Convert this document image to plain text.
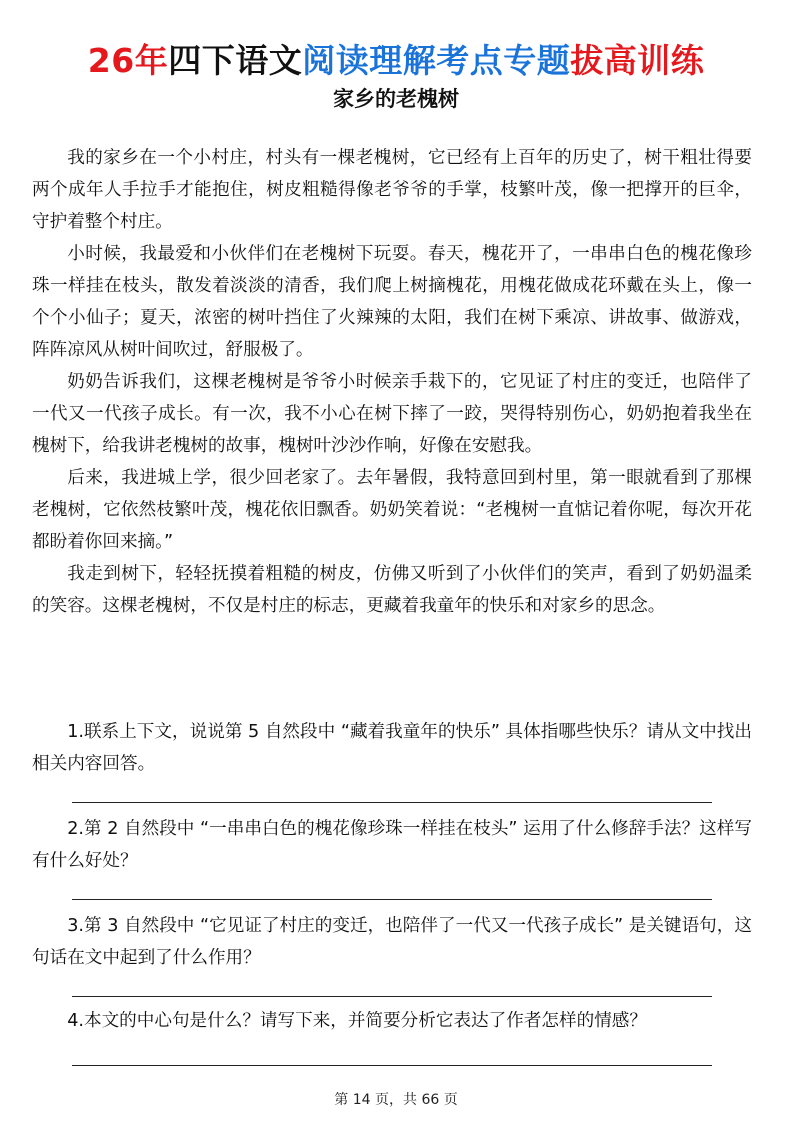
26年四下语文阅读理解考点专题拔高训练
家乡的老槐树

我的家乡在一个小村庄，村头有一棵老槐树，它已经有上百年的历史了，树干粗壮得要两个成年人手拉手才能抱住，树皮粗糙得像老爷爷的手掌，枝繁叶茂，像一把撑开的巨伞，守护着整个村庄。

小时候，我最爱和小伙伴们在老槐树下玩耍。春天，槐花开了，一串串白色的槐花像珍珠一样挂在枝头，散发着淡淡的清香，我们爬上树摘槐花，用槐花做成花环戴在头上，像一个个小仙子；夏天，浓密的树叶挡住了火辣辣的太阳，我们在树下乘凉、讲故事、做游戏，阵阵凉风从树叶间吹过，舒服极了。

奶奶告诉我们，这棵老槐树是爷爷小时候亲手栽下的，它见证了村庄的变迁，也陪伴了一代又一代孩子成长。有一次，我不小心在树下摔了一跤，哭得特别伤心，奶奶抱着我坐在槐树下，给我讲老槐树的故事，槐树叶沙沙作响，好像在安慰我。

后来，我进城上学，很少回老家了。去年暑假，我特意回到村里，第一眼就看到了那棵老槐树，它依然枝繁叶茂，槐花依旧飘香。奶奶笑着说：“老槐树一直惦记着你呢，每次开花都盼着你回来摘。”

我走到树下，轻轻抚摸着粗糙的树皮，仿佛又听到了小伙伴们的笑声，看到了奶奶温柔的笑容。这棵老槐树，不仅是村庄的标志，更藏着我童年的快乐和对家乡的思念。

1.联系上下文，说说第 5 自然段中 “藏着我童年的快乐” 具体指哪些快乐？请从文中找出相关内容回答。

2.第 2 自然段中 “一串串白色的槐花像珍珠一样挂在枝头” 运用了什么修辞手法？这样写有什么好处？

3.第 3 自然段中 “它见证了村庄的变迁，也陪伴了一代又一代孩子成长” 是关键语句，这句话在文中起到了什么作用？

4.本文的中心句是什么？请写下来，并简要分析它表达了作者怎样的情感？

第 14 页，共 66 页
